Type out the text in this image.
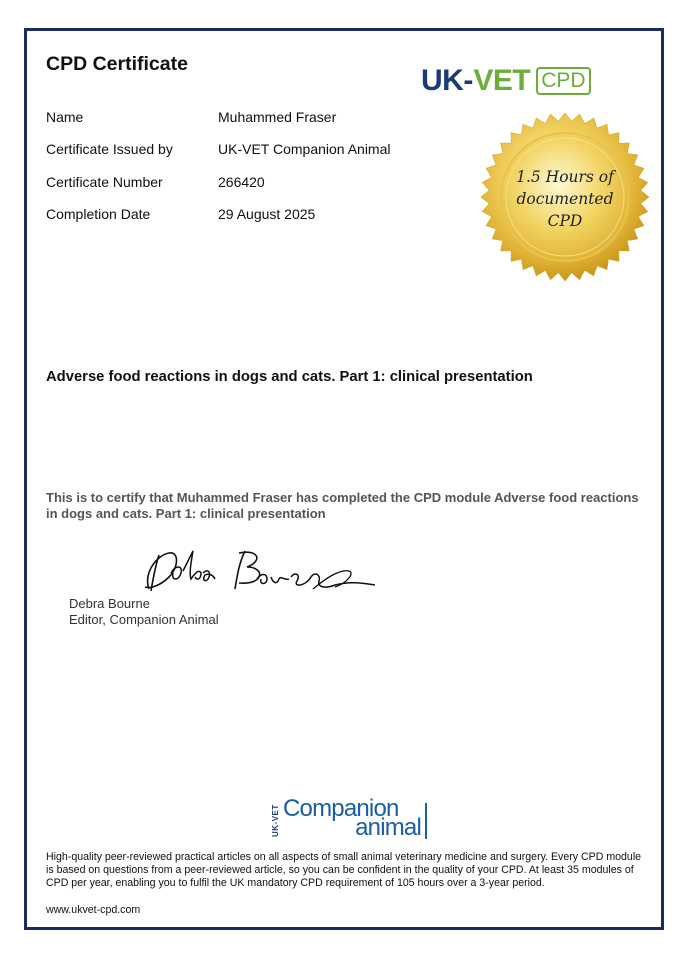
CPD Certificate	UK - VET CPD
Name	Muhammed Fraser
Certificate Issued by	UK-VET Companion Animal
Certificate Number	266420
Completion Date	29 August 2025
1.5 Hours of
documented
CPD
Adverse food reactions in dogs and cats. Part 1: clinical presentation

This is to certify that Muhammed Fraser has completed the CPD module Adverse food reactions in dogs and cats. Part 1: clinical presentation

Debra Bourne
Editor, Companion Animal
UK-VET Companion
animal

High-quality peer-reviewed practical articles on all aspects of small animal veterinary medicine and surgery. Every CPD module is based on questions from a peer-reviewed article, so you can be confident in the quality of your CPD. At least 35 modules of CPD per year, enabling you to fulfil the UK mandatory CPD requirement of 105 hours over a 3-year period.

www.ukvet-cpd.com
